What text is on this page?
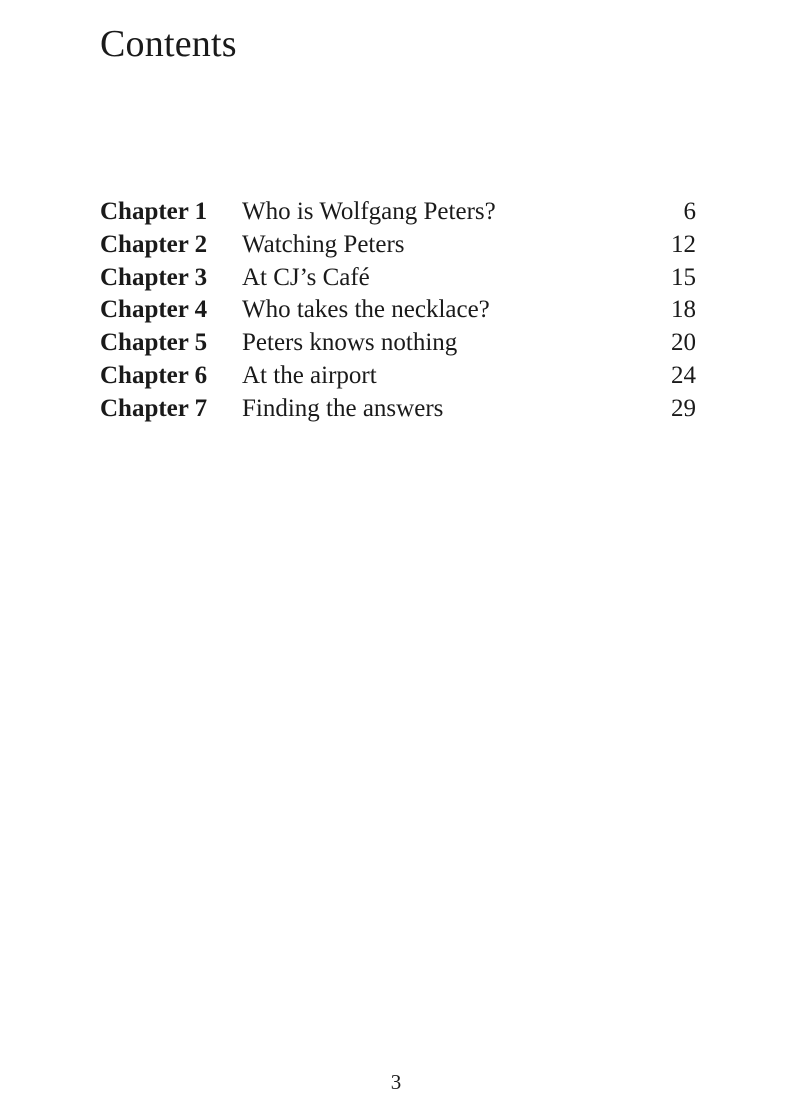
Contents
Chapter 1	Who is Wolfgang Peters?	6
Chapter 2	Watching Peters	12
Chapter 3	At CJ’s Café	15
Chapter 4	Who takes the necklace?	18
Chapter 5	Peters knows nothing	20
Chapter 6	At the airport	24
Chapter 7	Finding the answers	29
3
